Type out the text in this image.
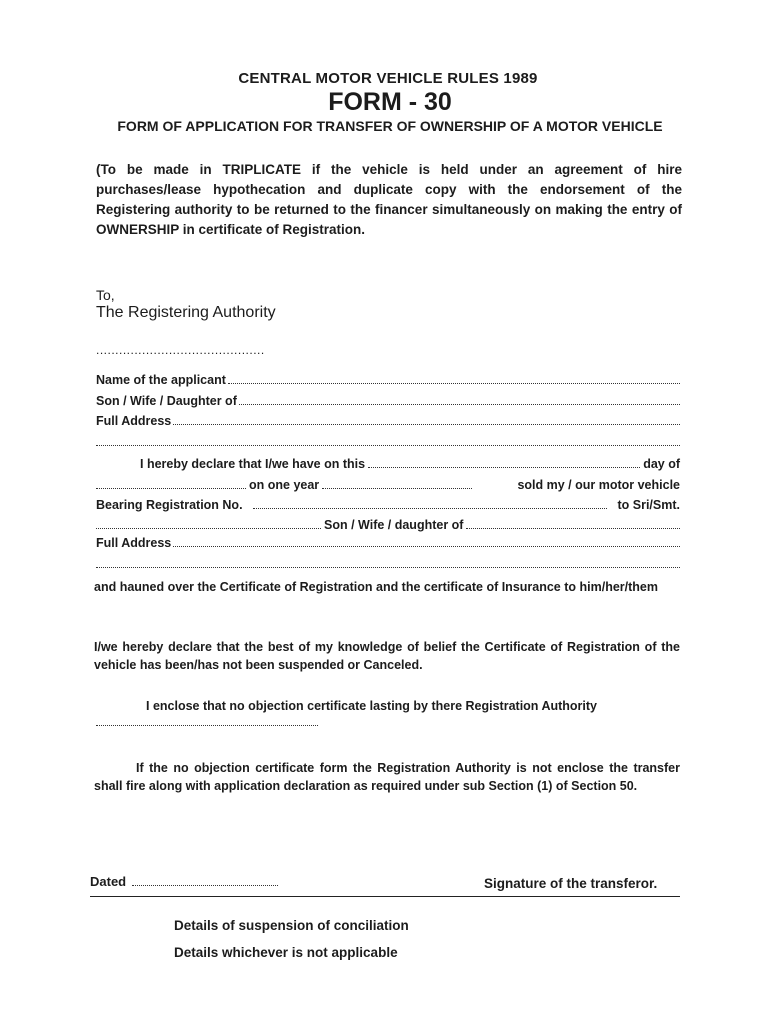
CENTRAL MOTOR VEHICLE RULES 1989
FORM - 30
FORM OF APPLICATION FOR TRANSFER OF OWNERSHIP OF A MOTOR VEHICLE
(To be made in TRIPLICATE if the vehicle is held under an agreement of hire purchases/lease hypothecation and duplicate copy with the endorsement of the Registering authority to be returned to the financer simultaneously on making the entry of OWNERSHIP in certificate of Registration.
To,
The Registering Authority
............................................
Name of the applicant
Son / Wife / Daughter of
Full Address
I hereby declare that I/we have on this	day of
on one year	sold my / our motor vehicle
Bearing Registration No.	to Sri/Smt.
Son / Wife / daughter of
Full Address
and hauned over the Certificate of Registration and the certificate of Insurance to him/her/them
I/we hereby declare that the best of my knowledge of belief the Certificate of Registration of the vehicle has been/has not been suspended or Canceled.
I enclose that no objection certificate lasting by there Registration Authority
If the no objection certificate form the Registration Authority is not enclose the transfer shall fire along with application declaration as required under sub Section (1) of Section 50.
Dated	Signature of the transferor.
Details of suspension of conciliation
Details whichever is not applicable
